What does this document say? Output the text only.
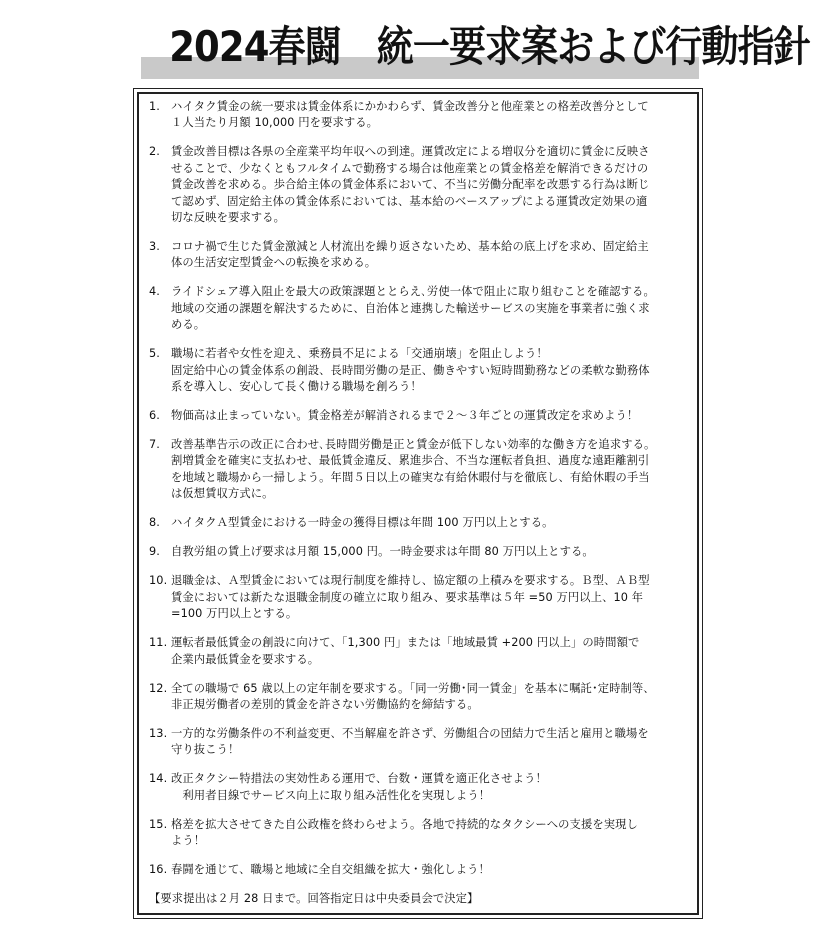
2024春闘　統一要求案および行動指針
1. ハイタク賃金の統一要求は賃金体系にかかわらず、賃金改善分と他産業との格差改善分として
１人当たり月額 10,000 円を要求する。
2. 賃金改善目標は各県の全産業平均年収への到達。運賃改定による増収分を適切に賃金に反映さ
せることで、少なくともフルタイムで勤務する場合は他産業との賃金格差を解消できるだけの
賃金改善を求める。歩合給主体の賃金体系において、不当に労働分配率を改悪する行為は断じ
て認めず、固定給主体の賃金体系においては、基本給のベースアップによる運賃改定効果の適
切な反映を要求する。
3. コロナ禍で生じた賃金激減と人材流出を繰り返さないため、基本給の底上げを求め、固定給主
体の生活安定型賃金への転換を求める。
4. ライドシェア導入阻止を最大の政策課題ととらえ､労使一体で阻止に取り組むことを確認する。
地域の交通の課題を解決するために、自治体と連携した輸送サービスの実施を事業者に強く求
める。
5. 職場に若者や女性を迎え、乗務員不足による「交通崩壊」を阻止しよう！
固定給中心の賃金体系の創設、長時間労働の是正、働きやすい短時間勤務などの柔軟な勤務体
系を導入し、安心して長く働ける職場を創ろう！
6. 物価高は止まっていない。賃金格差が解消されるまで２～３年ごとの運賃改定を求めよう！
7. 改善基準告示の改正に合わせ､長時間労働是正と賃金が低下しない効率的な働き方を追求する。
割増賃金を確実に支払わせ、最低賃金違反、累進歩合、不当な運転者負担、過度な遠距離割引
を地域と職場から一掃しよう。年間５日以上の確実な有給休暇付与を徹底し、有給休暇の手当
は仮想賃収方式に。
8. ハイタクＡ型賃金における一時金の獲得目標は年間 100 万円以上とする。
9. 自教労組の賃上げ要求は月額 15,000 円。一時金要求は年間 80 万円以上とする。
10. 退職金は、Ａ型賃金においては現行制度を維持し、協定額の上積みを要求する。Ｂ型、ＡＢ型
賃金においては新たな退職金制度の確立に取り組み、要求基準は５年 =50 万円以上、10 年
=100 万円以上とする。
11. 運転者最低賃金の創設に向けて、「1,300 円」または「地域最賃 +200 円以上」の時間額で
企業内最低賃金を要求する。
12. 全ての職場で 65 歳以上の定年制を要求する。「同一労働･同一賃金」を基本に嘱託･定時制等、
非正規労働者の差別的賃金を許さない労働協約を締結する。
13. 一方的な労働条件の不利益変更、不当解雇を許さず、労働組合の団結力で生活と雇用と職場を
守り抜こう！
14. 改正タクシー特措法の実効性ある運用で、台数・運賃を適正化させよう！
　利用者目線でサービス向上に取り組み活性化を実現しよう！
15. 格差を拡大させてきた自公政権を終わらせよう。各地で持続的なタクシーへの支援を実現し
よう！
16. 春闘を通じて、職場と地域に全自交組織を拡大・強化しよう！
【要求提出は２月 28 日まで。回答指定日は中央委員会で決定】
